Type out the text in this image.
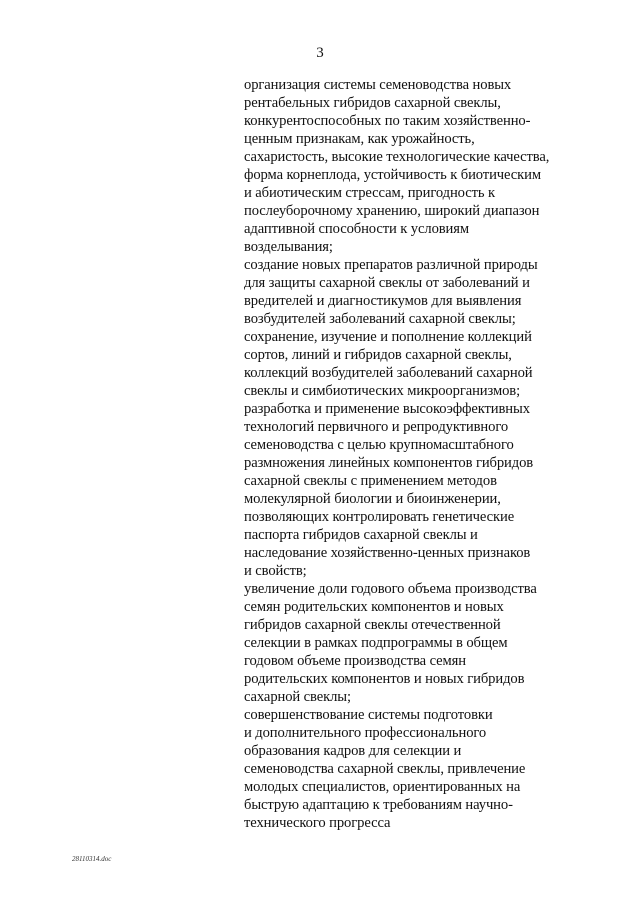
3
организация системы семеноводства новых
рентабельных гибридов сахарной свеклы,
конкурентоспособных по таким хозяйственно-
ценным признакам, как урожайность,
сахаристость, высокие технологические качества,
форма корнеплода, устойчивость к биотическим
и абиотическим стрессам, пригодность к
послеуборочному хранению, широкий диапазон
адаптивной способности к условиям
возделывания;
создание новых препаратов различной природы
для защиты сахарной свеклы от заболеваний и
вредителей и диагностикумов для выявления
возбудителей заболеваний сахарной свеклы;
сохранение, изучение и пополнение коллекций
сортов, линий и гибридов сахарной свеклы,
коллекций возбудителей заболеваний сахарной
свеклы и симбиотических микроорганизмов;
разработка и применение высокоэффективных
технологий первичного и репродуктивного
семеноводства с целью крупномасштабного
размножения линейных компонентов гибридов
сахарной свеклы с применением методов
молекулярной биологии и биоинженерии,
позволяющих контролировать генетические
паспорта гибридов сахарной свеклы и
наследование хозяйственно-ценных признаков
и свойств;
увеличение доли годового объема производства
семян родительских компонентов и новых
гибридов сахарной свеклы отечественной
селекции в рамках подпрограммы в общем
годовом объеме производства семян
родительских компонентов и новых гибридов
сахарной свеклы;
совершенствование системы подготовки
и дополнительного профессионального
образования кадров для селекции и
семеноводства сахарной свеклы, привлечение
молодых специалистов, ориентированных на
быструю адаптацию к требованиям научно-
технического прогресса
28110314.doc
